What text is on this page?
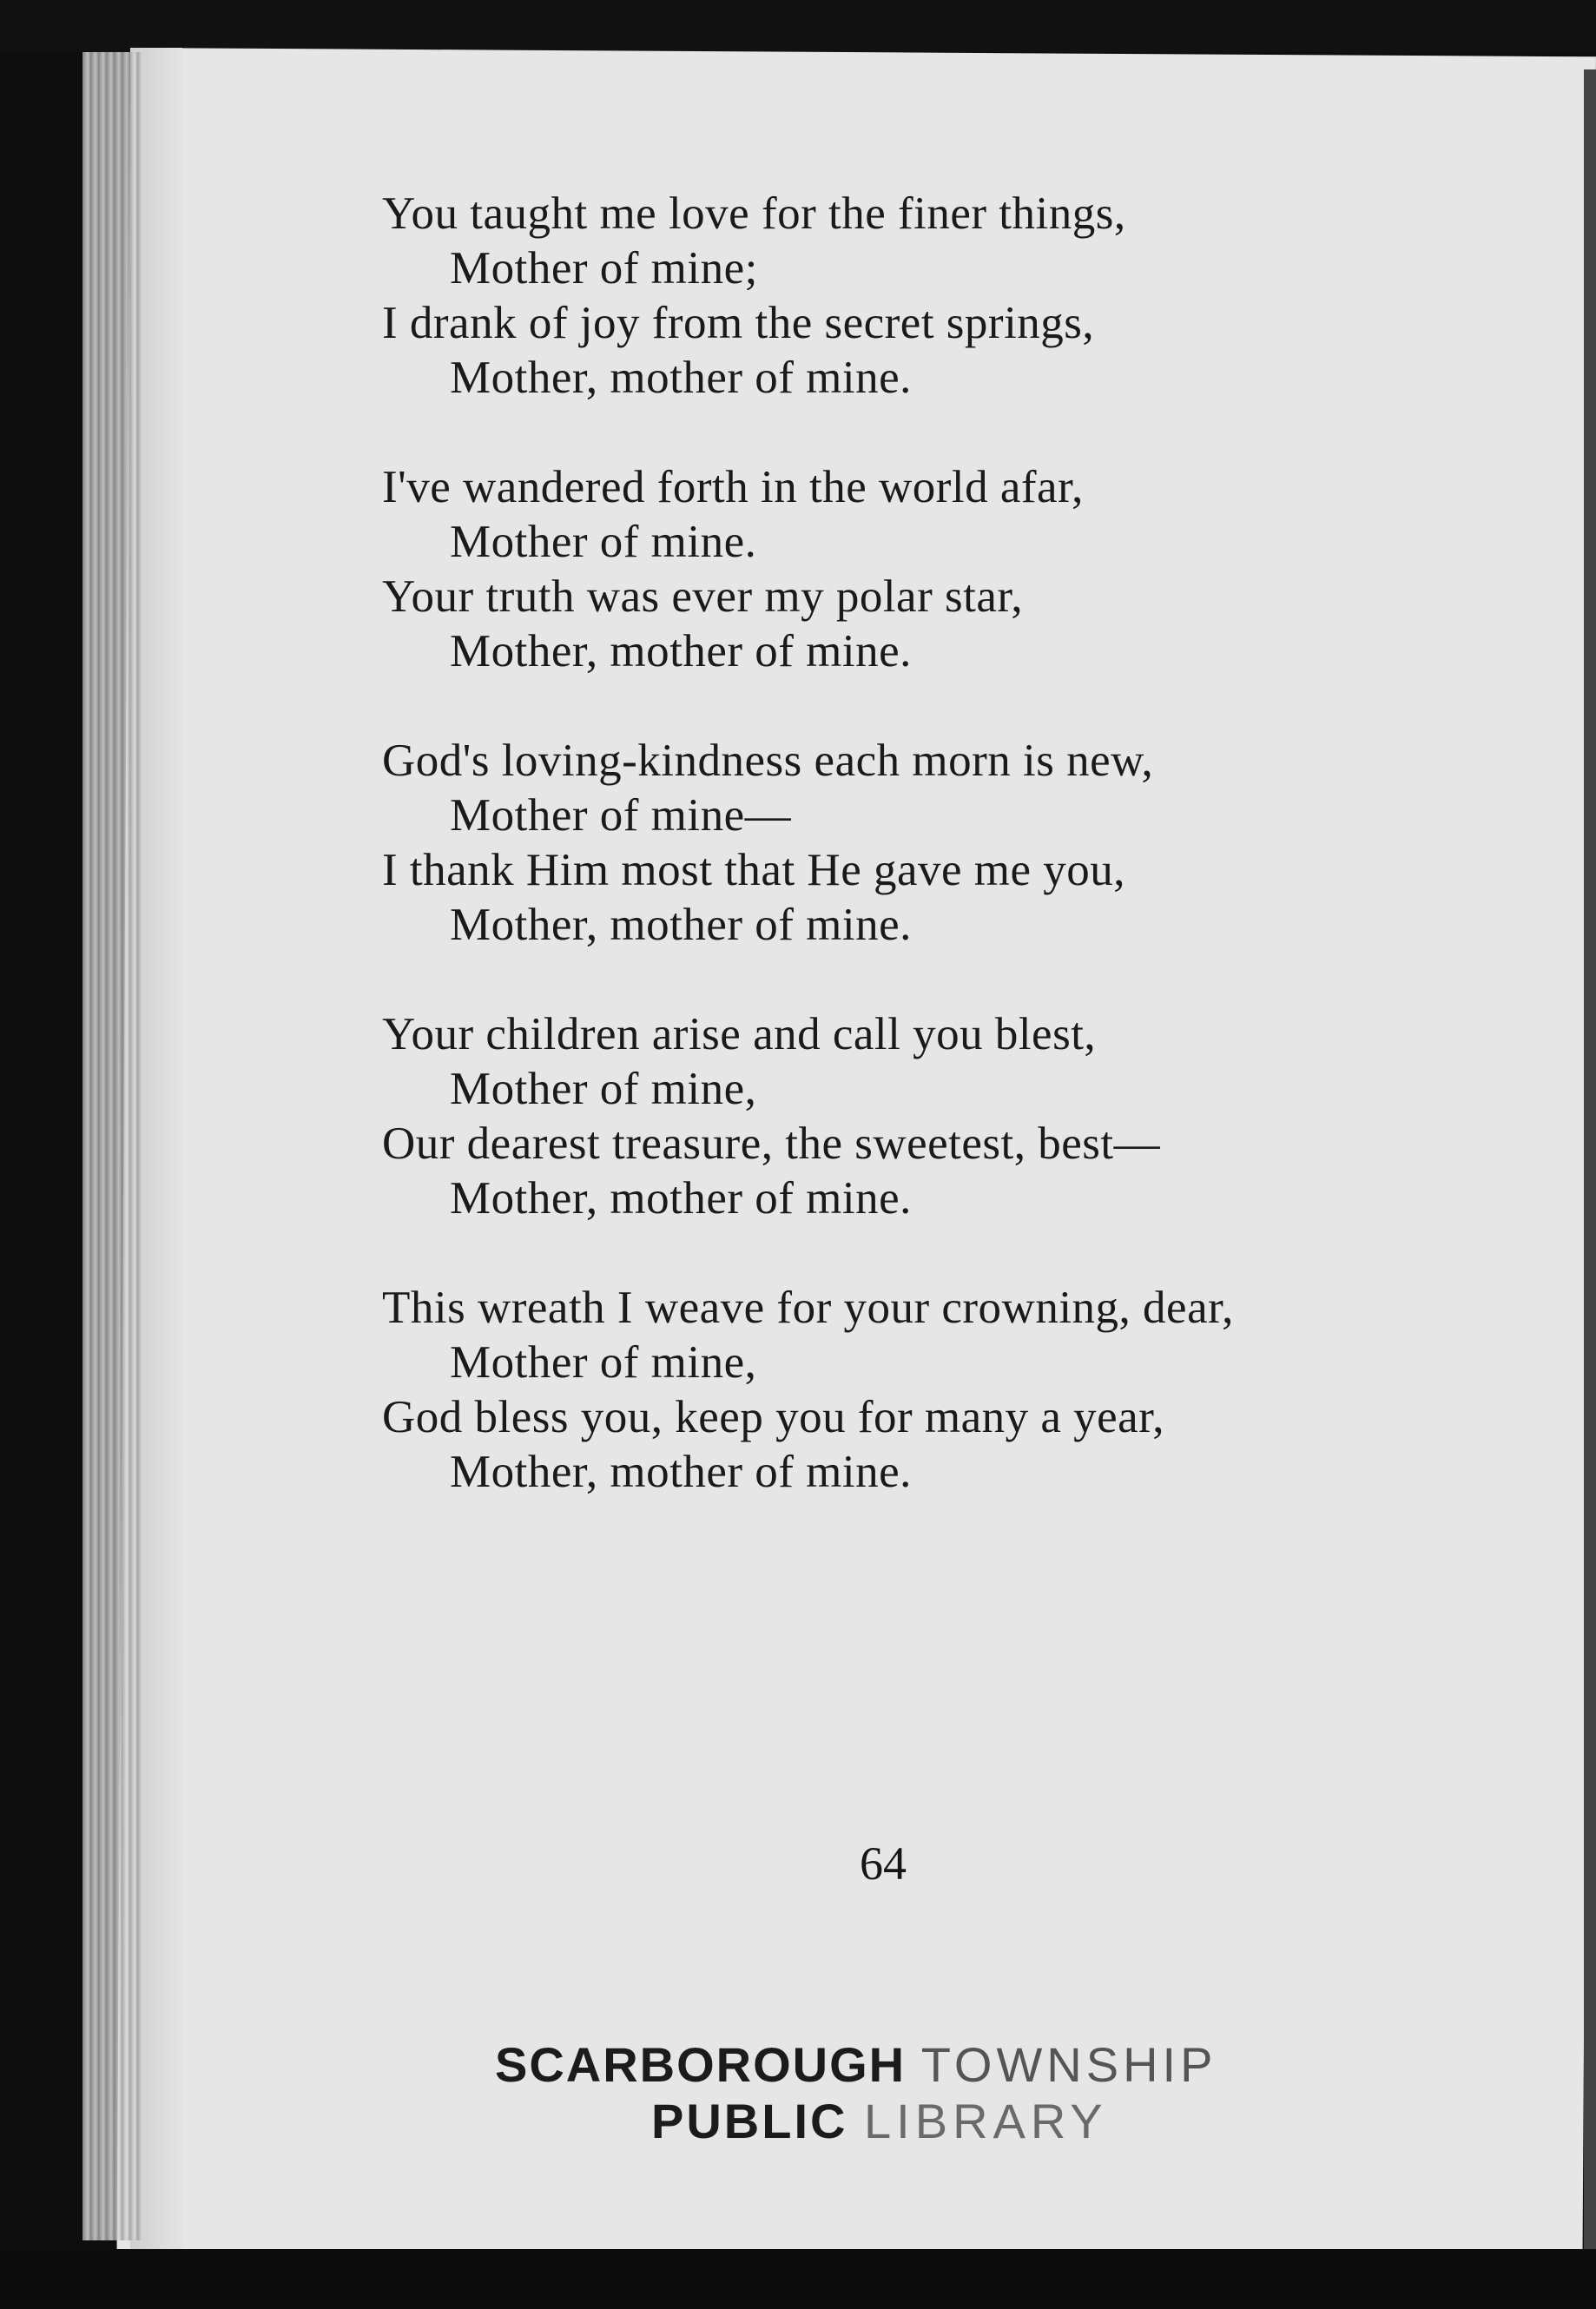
You taught me love for the finer things,
Mother of mine;
I drank of joy from the secret springs,
Mother, mother of mine.
I've wandered forth in the world afar,
Mother of mine.
Your truth was ever my polar star,
Mother, mother of mine.
God's loving-kindness each morn is new,
Mother of mine—
I thank Him most that He gave me you,
Mother, mother of mine.
Your children arise and call you blest,
Mother of mine,
Our dearest treasure, the sweetest, best—
Mother, mother of mine.
This wreath I weave for your crowning, dear,
Mother of mine,
God bless you, keep you for many a year,
Mother, mother of mine.
64
SCARBOROUGH TOWNSHIP
PUBLIC LIBRARY
